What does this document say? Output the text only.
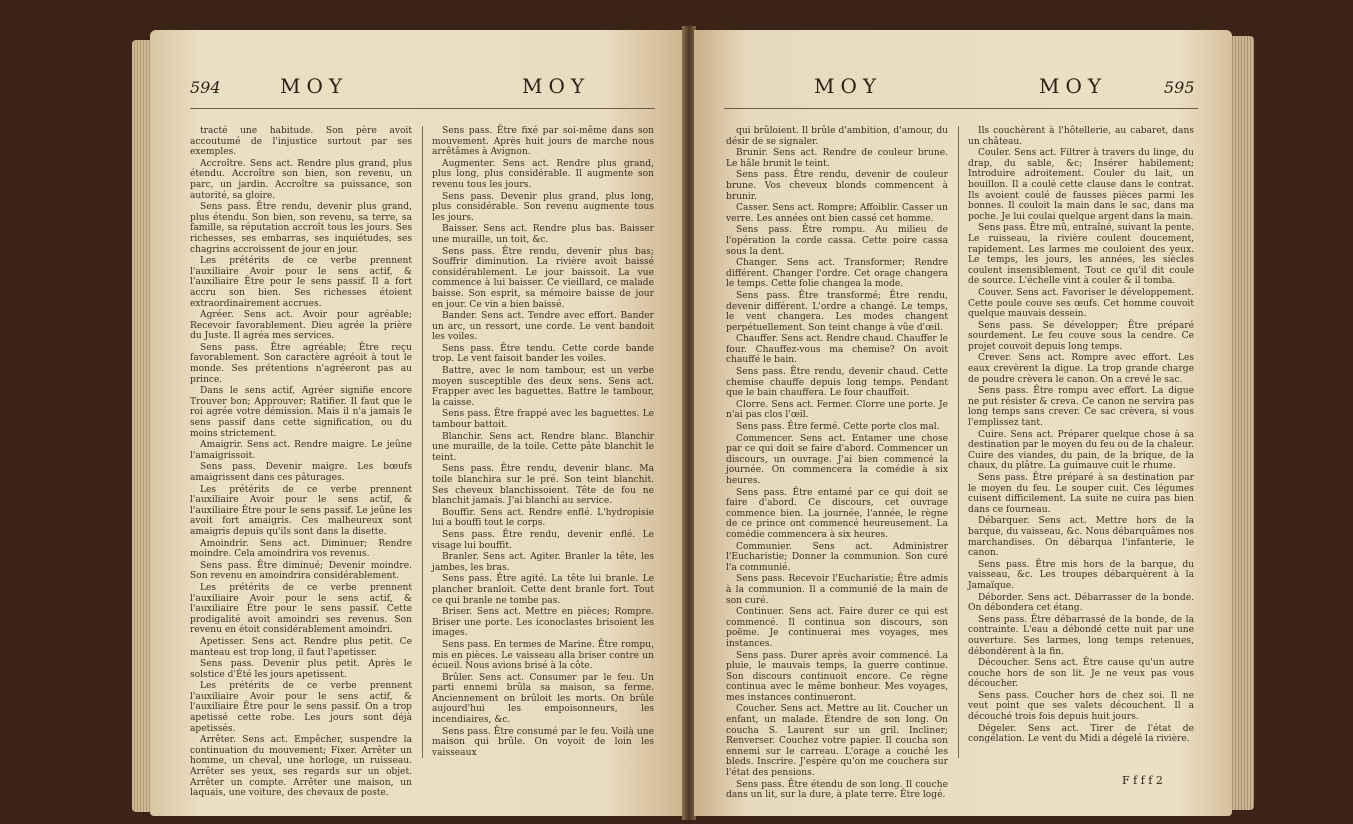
594	MOY	MOY

tracté une habitude. Son père avoit accoutumé de l'injustice surtout par ses exemples.

Accroître. Sens act. Rendre plus grand, plus étendu. Accroître son bien, son revenu, un parc, un jardin. Accroître sa puissance, son autorité, sa gloire.

Sens pass. Être rendu, devenir plus grand, plus étendu. Son bien, son revenu, sa terre, sa famille, sa réputation accroît tous les jours. Ses richesses, ses embarras, ses inquiétudes, ses chagrins accroissent de jour en jour.

Les prétérits de ce verbe prennent l'auxiliaire Avoir pour le sens actif, & l'auxiliaire Être pour le sens passif. Il a fort accru son bien. Ses richesses étoient extraordinairement accrues.

Agréer. Sens act. Avoir pour agréable; Recevoir favorablement. Dieu agrée la prière du Juste. Il agréa mes services.

Sens pass. Être agréable; Être reçu favorablement. Son caractère agréoit à tout le monde. Ses prétentions n'agréeront pas au prince.

Dans le sens actif, Agréer signifie encore Trouver bon; Approuver; Ratifier. Il faut que le roi agrée votre démission. Mais il n'a jamais le sens passif dans cette signification, ou du moins strictement.

Amaigrir. Sens act. Rendre maigre. Le jeûne l'amaigrissoit.

Sens pass. Devenir maigre. Les bœufs amaigrissent dans ces pâturages.

Les prétérits de ce verbe prennent l'auxiliaire Avoir pour le sens actif, & l'auxiliaire Être pour le sens passif. Le jeûne les avoit fort amaigris. Ces malheureux sont amaigris depuis qu'ils sont dans la disette.

Amoindrir. Sens act. Diminuer; Rendre moindre. Cela amoindrira vos revenus.

Sens pass. Être diminué; Devenir moindre. Son revenu en amoindrira considérablement.

Les prétérits de ce verbe prennent l'auxiliaire Avoir pour le sens actif, & l'auxiliaire Être pour le sens passif. Cette prodigalité avoit amoindri ses revenus. Son revenu en étoit considérablement amoindri.

Apetisser. Sens act. Rendre plus petit. Ce manteau est trop long, il faut l'apetisser.

Sens pass. Devenir plus petit. Après le solstice d'Été les jours apetissent.

Les prétérits de ce verbe prennent l'auxiliaire Avoir pour le sens actif, & l'auxiliaire Être pour le sens passif. On a trop apetissé cette robe. Les jours sont déjà apetissés.

Arrêter. Sens act. Empêcher, suspendre la continuation du mouvement; Fixer. Arrêter un homme, un cheval, une horloge, un ruisseau. Arrêter ses yeux, ses regards sur un objet. Arrêter un compte. Arrêter une maison, un laquais, une voiture, des chevaux de poste.

Sens pass. Être fixé par soi-même dans son mouvement. Après huit jours de marche nous arrêtâmes à Avignon.

Augmenter. Sens act. Rendre plus grand, plus long, plus considérable. Il augmente son revenu tous les jours.

Sens pass. Devenir plus grand, plus long, plus considérable. Son revenu augmente tous les jours.

Baisser. Sens act. Rendre plus bas. Baisser une muraille, un toit, &c.

Sens pass. Être rendu, devenir plus bas; Souffrir diminution. La rivière avoit baissé considérablement. Le jour baissoit. La vue commence à lui baisser. Ce vieillard, ce malade baisse. Son esprit, sa mémoire baisse de jour en jour. Ce vin a bien baissé.

Bander. Sens act. Tendre avec effort. Bander un arc, un ressort, une corde. Le vent bandoit les voiles.

Sens pass. Être tendu. Cette corde bande trop. Le vent faisoit bander les voiles.

Battre, avec le nom tambour, est un verbe moyen susceptible des deux sens. Sens act. Frapper avec les baguettes. Battre le tambour, la caisse.

Sens pass. Être frappé avec les baguettes. Le tambour battoit.

Blanchir. Sens act. Rendre blanc. Blanchir une muraille, de la toile. Cette pâte blanchit le teint.

Sens pass. Être rendu, devenir blanc. Ma toile blanchira sur le pré. Son teint blanchit. Ses cheveux blanchissoient. Tête de fou ne blanchit jamais. J'ai blanchi au service.

Bouffir. Sens act. Rendre enflé. L'hydropisie lui a bouffi tout le corps.

Sens pass. Être rendu, devenir enflé. Le visage lui bouffit.

Branler. Sens act. Agiter. Branler la tête, les jambes, les bras.

Sens pass. Être agité. La tête lui branle. Le plancher branloit. Cette dent branle fort. Tout ce qui branle ne tombe pas.

Briser. Sens act. Mettre en pièces; Rompre. Briser une porte. Les iconoclastes brisoient les images.

Sens pass. En termes de Marine. Être rompu, mis en pièces. Le vaisseau alla briser contre un écueil. Nous avions brisé à la côte.

Brûler. Sens act. Consumer par le feu. Un parti ennemi brûla sa maison, sa ferme. Anciennement on brûloit les morts. On brûle aujourd'hui les empoisonneurs, les incendiaires, &c.

Sens pass. Être consumé par le feu. Voilà une maison qui brûle. On voyoit de loin les vaisseaux

MOY	MOY	595

qui brûloient. Il brûle d'ambition, d'amour, du désir de se signaler.

Brunir. Sens act. Rendre de couleur brune. Le hâle brunit le teint.

Sens pass. Être rendu, devenir de couleur brune. Vos cheveux blonds commencent à brunir.

Casser. Sens act. Rompre; Affoiblir. Casser un verre. Les années ont bien cassé cet homme.

Sens pass. Être rompu. Au milieu de l'opération la corde cassa. Cette poire cassa sous la dent.

Changer. Sens act. Transformer; Rendre différent. Changer l'ordre. Cet orage changera le temps. Cette folie changea la mode.

Sens pass. Être transformé; Être rendu, devenir différent. L'ordre a changé. Le temps, le vent changera. Les modes changent perpétuellement. Son teint change à vûe d'œil.

Chauffer. Sens act. Rendre chaud. Chauffer le four. Chauffez-vous ma chemise? On avoit chauffé le bain.

Sens pass. Être rendu, devenir chaud. Cette chemise chauffe depuis long temps. Pendant que le bain chauffera. Le four chauffoit.

Clorre. Sens act. Fermer. Clorre une porte. Je n'ai pas clos l'œil.

Sens pass. Être fermé. Cette porte clos mal.

Commencer. Sens act. Entamer une chose par ce qui doit se faire d'abord. Commencer un discours, un ouvrage. J'ai bien commencé la journée. On commencera la comédie à six heures.

Sens pass. Être entamé par ce qui doit se faire d'abord. Ce discours, cet ouvrage commence bien. La journée, l'année, le règne de ce prince ont commencé heureusement. La comédie commencera à six heures.

Communier. Sens act. Administrer l'Eucharistie; Donner la communion. Son curé l'a communié.

Sens pass. Recevoir l'Eucharistie; Être admis à la communion. Il a communié de la main de son curé.

Continuer. Sens act. Faire durer ce qui est commencé. Il continua son discours, son poëme. Je continuerai mes voyages, mes instances.

Sens pass. Durer après avoir commencé. La pluie, le mauvais temps, la guerre continue. Son discours continuoit encore. Ce règne continua avec le même bonheur. Mes voyages, mes instances continueront.

Coucher. Sens act. Mettre au lit. Coucher un enfant, un malade. Étendre de son long. On coucha S. Laurent sur un gril. Incliner; Renverser. Couchez votre papier. Il coucha son ennemi sur le carreau. L'orage a couché les bleds. Inscrire. J'espère qu'on me couchera sur l'état des pensions.

Sens pass. Être étendu de son long. Il couche dans un lit, sur la dure, à plate terre. Être logé.

Ils couchèrent à l'hôtellerie, au cabaret, dans un château.

Couler. Sens act. Filtrer à travers du linge, du drap, du sable, &c; Insérer habilement; Introduire adroitement. Couler du lait, un bouillon. Il a coulé cette clause dans le contrat. Ils avoient coulé de fausses pièces parmi les bonnes. Il couloit la main dans le sac, dans ma poche. Je lui coulai quelque argent dans la main.

Sens pass. Être mû, entraîné, suivant la pente. Le ruisseau, la rivière coulent doucement, rapidement. Les larmes me couloient des yeux. Le temps, les jours, les années, les siècles coulent insensiblement. Tout ce qu'il dit coule de source. L'échelle vint à couler & il tomba.

Couver. Sens act. Favoriser le développement. Cette poule couve ses œufs. Cet homme couvoit quelque mauvais dessein.

Sens pass. Se développer; Être préparé sourdement. Le feu couve sous la cendre. Ce projet couvoit depuis long temps.

Crever. Sens act. Rompre avec effort. Les eaux crevèrent la digue. La trop grande charge de poudre crèvera le canon. On a crevé le sac.

Sens pass. Être rompu avec effort. La digue ne put résister & creva. Ce canon ne servira pas long temps sans crever. Ce sac crèvera, si vous l'emplissez tant.

Cuire. Sens act. Préparer quelque chose à sa destination par le moyen du feu ou de la chaleur. Cuire des viandes, du pain, de la brique, de la chaux, du plâtre. La guimauve cuit le rhume.

Sens pass. Être préparé à sa destination par le moyen du feu. Le souper cuit. Ces légumes cuisent difficilement. La suite ne cuira pas bien dans ce fourneau.

Débarquer. Sens act. Mettre hors de la barque, du vaisseau, &c. Nous débarquâmes nos marchandises. On débarqua l'infanterie, le canon.

Sens pass. Être mis hors de la barque, du vaisseau, &c. Les troupes débarquèrent à la Jamaïque.

Déborder. Sens act. Débarrasser de la bonde. On débondera cet étang.

Sens pass. Être débarrassé de la bonde, de la contrainte. L'eau a débondé cette nuit par une ouverture. Ses larmes, long temps retenues, débondèrent à la fin.

Découcher. Sens act. Être cause qu'un autre couche hors de son lit. Je ne veux pas vous découcher.

Sens pass. Coucher hors de chez soi. Il ne veut point que ses valets découchent. Il a découché trois fois depuis huit jours.

Dégeler. Sens act. Tirer de l'état de congélation. Le vent du Midi a dégelé la rivière.

F f f f 2
